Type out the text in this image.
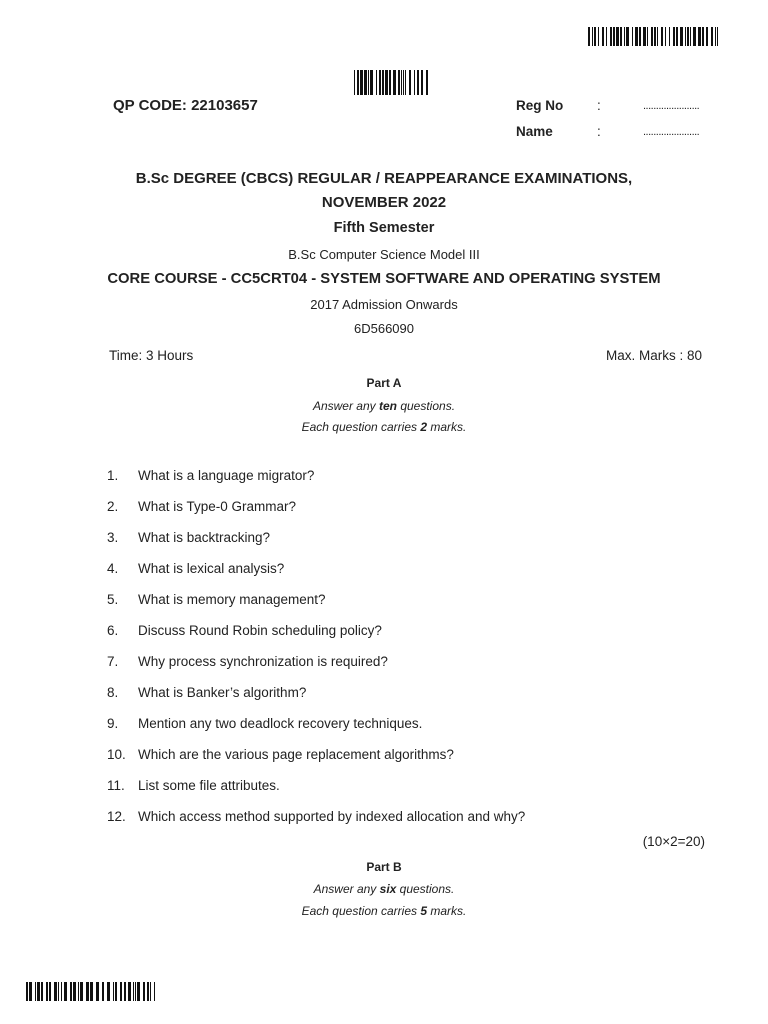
QP CODE: 22103657	Reg No	:	......................
Name	:	......................
B.Sc DEGREE (CBCS) REGULAR / REAPPEARANCE EXAMINATIONS,
NOVEMBER 2022
Fifth Semester
B.Sc Computer Science Model III
CORE COURSE - CC5CRT04 - SYSTEM SOFTWARE AND OPERATING SYSTEM
2017 Admission Onwards
6D566090
Time: 3 Hours	Max. Marks : 80
Part A
Answer any ten questions.
Each question carries 2 marks.
1. What is a language migrator?
2. What is Type-0 Grammar?
3. What is backtracking?
4. What is lexical analysis?
5. What is memory management?
6. Discuss Round Robin scheduling policy?
7. Why process synchronization is required?
8. What is Banker’s algorithm?
9. Mention any two deadlock recovery techniques.
10. Which are the various page replacement algorithms?
11. List some file attributes.
12. Which access method supported by indexed allocation and why?
(10×2=20)
Part B
Answer any six questions.
Each question carries 5 marks.
